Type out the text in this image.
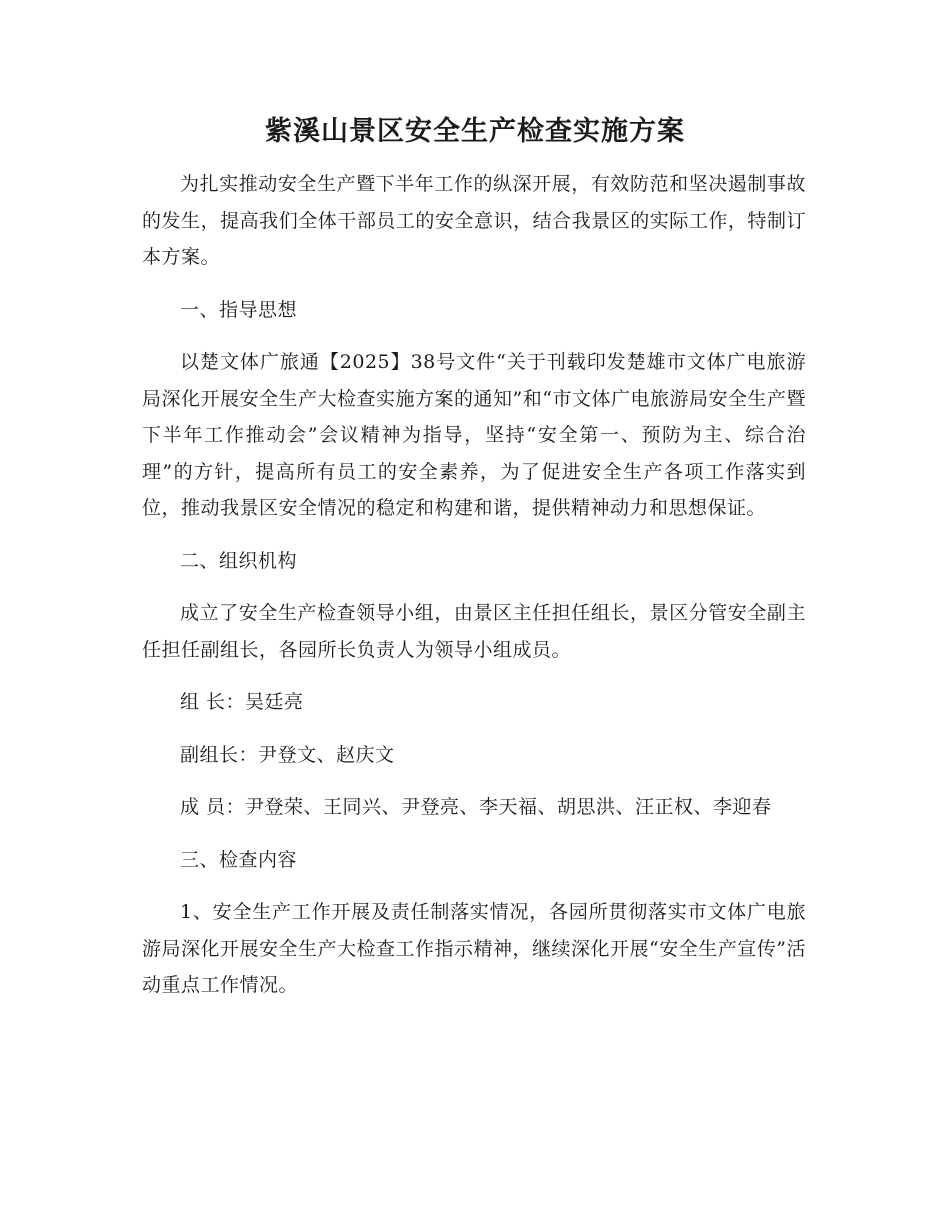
紫溪山景区安全生产检查实施方案

为扎实推动安全生产暨下半年工作的纵深开展，有效防范和坚决遏制事故的发生，提高我们全体干部员工的安全意识，结合我景区的实际工作，特制订本方案。

一、指导思想

以楚文体广旅通【2025】38号文件“关于刊载印发楚雄市文体广电旅游局深化开展安全生产大检查实施方案的通知”和“市文体广电旅游局安全生产暨下半年工作推动会”会议精神为指导，坚持“安全第一、预防为主、综合治理”的方针，提高所有员工的安全素养，为了促进安全生产各项工作落实到位，推动我景区安全情况的稳定和构建和谐，提供精神动力和思想保证。

二、组织机构

成立了安全生产检查领导小组，由景区主任担任组长，景区分管安全副主任担任副组长，各园所长负责人为领导小组成员。

组 长：吴廷亮

副组长：尹登文、赵庆文

成 员：尹登荣、王同兴、尹登亮、李天福、胡思洪、汪正权、李迎春

三、检查内容

1、安全生产工作开展及责任制落实情况，各园所贯彻落实市文体广电旅游局深化开展安全生产大检查工作指示精神，继续深化开展“安全生产宣传”活动重点工作情况。
